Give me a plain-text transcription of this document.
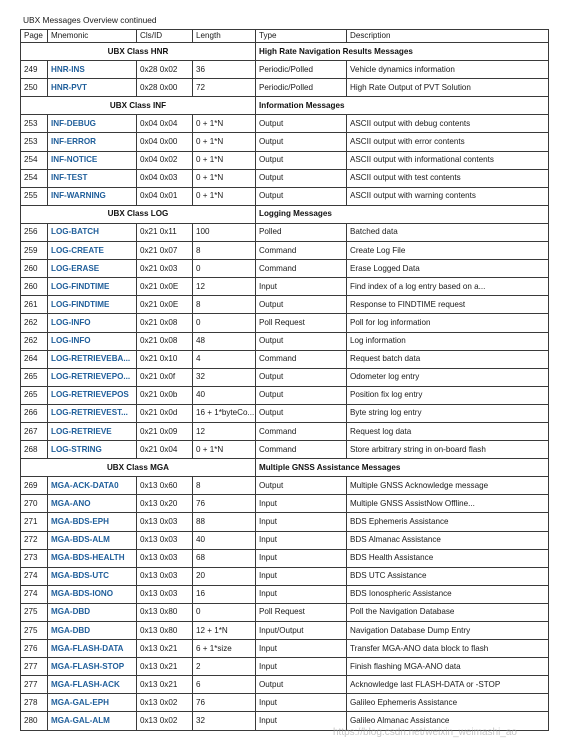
UBX Messages Overview continued
Page	Mnemonic	Cls/ID	Length	Type	Description
UBX Class HNR				High Rate Navigation Results Messages	
249	HNR-INS	0x28 0x02	36	Periodic/Polled	Vehicle dynamics information
250	HNR-PVT	0x28 0x00	72	Periodic/Polled	High Rate Output of PVT Solution
UBX Class INF				Information Messages	
253	INF-DEBUG	0x04 0x04	0 + 1*N	Output	ASCII output with debug contents
253	INF-ERROR	0x04 0x00	0 + 1*N	Output	ASCII output with error contents
254	INF-NOTICE	0x04 0x02	0 + 1*N	Output	ASCII output with informational contents
254	INF-TEST	0x04 0x03	0 + 1*N	Output	ASCII output with test contents
255	INF-WARNING	0x04 0x01	0 + 1*N	Output	ASCII output with warning contents
UBX Class LOG				Logging Messages	
256	LOG-BATCH	0x21 0x11	100	Polled	Batched data
259	LOG-CREATE	0x21 0x07	8	Command	Create Log File
260	LOG-ERASE	0x21 0x03	0	Command	Erase Logged Data
260	LOG-FINDTIME	0x21 0x0E	12	Input	Find index of a log entry based on a...
261	LOG-FINDTIME	0x21 0x0E	8	Output	Response to FINDTIME request
262	LOG-INFO	0x21 0x08	0	Poll Request	Poll for log information
262	LOG-INFO	0x21 0x08	48	Output	Log information
264	LOG-RETRIEVEBA...	0x21 0x10	4	Command	Request batch data
265	LOG-RETRIEVEPO...	0x21 0x0f	32	Output	Odometer log entry
265	LOG-RETRIEVEPOS	0x21 0x0b	40	Output	Position fix log entry
266	LOG-RETRIEVEST...	0x21 0x0d	16 + 1*byteCo...	Output	Byte string log entry
267	LOG-RETRIEVE	0x21 0x09	12	Command	Request log data
268	LOG-STRING	0x21 0x04	0 + 1*N	Command	Store arbitrary string in on-board flash
UBX Class MGA				Multiple GNSS Assistance Messages	
269	MGA-ACK-DATA0	0x13 0x60	8	Output	Multiple GNSS Acknowledge message
270	MGA-ANO	0x13 0x20	76	Input	Multiple GNSS AssistNow Offline...
271	MGA-BDS-EPH	0x13 0x03	88	Input	BDS Ephemeris Assistance
272	MGA-BDS-ALM	0x13 0x03	40	Input	BDS Almanac Assistance
273	MGA-BDS-HEALTH	0x13 0x03	68	Input	BDS Health Assistance
274	MGA-BDS-UTC	0x13 0x03	20	Input	BDS UTC Assistance
274	MGA-BDS-IONO	0x13 0x03	16	Input	BDS Ionospheric Assistance
275	MGA-DBD	0x13 0x80	0	Poll Request	Poll the Navigation Database
275	MGA-DBD	0x13 0x80	12 + 1*N	Input/Output	Navigation Database Dump Entry
276	MGA-FLASH-DATA	0x13 0x21	6 + 1*size	Input	Transfer MGA-ANO data block to flash
277	MGA-FLASH-STOP	0x13 0x21	2	Input	Finish flashing MGA-ANO data
277	MGA-FLASH-ACK	0x13 0x21	6	Output	Acknowledge last FLASH-DATA or -STOP
278	MGA-GAL-EPH	0x13 0x02	76	Input	Galileo Ephemeris Assistance
280	MGA-GAL-ALM	0x13 0x02	32	Input	Galileo Almanac Assistance
https://blog.csdn.net/weixin_weimashi_ao
